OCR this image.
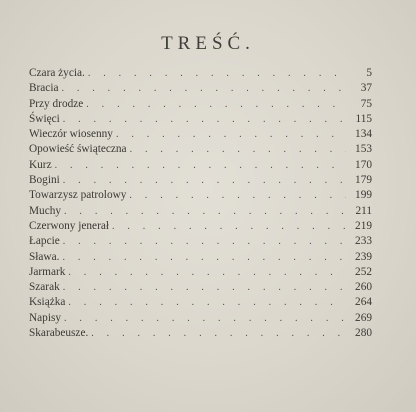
TREŚĆ.
Czara życia. . . .	5
Bracia . . .	37
Przy drodze . . .	75
Święci . . .	115
Wieczór wiosenny . . .	134
Opowieść świąteczna . . .	153
Kurz . . .	170
Bogini . . .	179
Towarzysz patrolowy . . .	199
Muchy . . .	211
Czerwony jenerał . . .	219
Łapcie . . .	233
Sława. . . .	239
Jarmark . . .	252
Szarak . . .	260
Książka . . .	264
Napisy . . .	269
Skarabeusze. . . .	280
